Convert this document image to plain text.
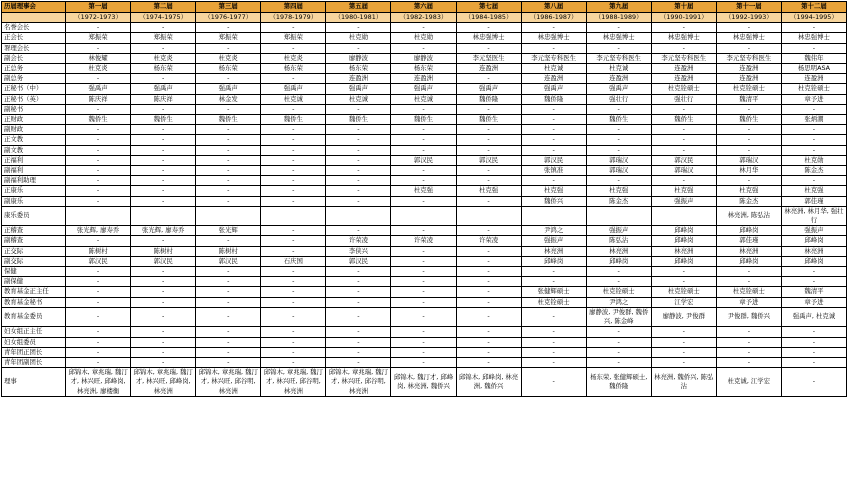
历届理事会	第一届	第二届	第三届	第四届	第五届	第六届	第七届	第八届	第九届	第十届	第十一届	第十二届
	（1972-1973）	（1974-1975）	（1976-1977）	（1978-1979）	（1980-1981）	（1982-1983）	（1984-1985）	（1986-1987）	（1988-1989）	（1990-1991）	（1992-1993）	（1994-1995）
名誉会长	-	-	-	-	-	-	-	-	-	-	-	-
正会长	郑振荣	郑振荣	郑振荣	郑振荣	杜克勋	杜克勋	林忠强博士	林忠强博士	林忠强博士	林忠强博士	林忠强博士	林忠强博士
署理会长	-	-	-	-	-	-	-	-	-	-	-	-
副会长	林俊耀	杜克炎	杜克炎	杜克炎	廖静波	廖静波	李元坚医生	李元坚专科医生	李元坚专科医生	李元坚专科医生	李元坚专科医生	魏伟年
正总务	杜克炎	杨东荣	杨东荣	杨东荣	杨东荣	杨东荣	连盈洲	杜克诚	杜克诚	连盈洲	连盈洲	杨思明ASA
副总务	-	-	-	-	连盈洲	连盈洲	-	连盈洲	连盈洲	连盈洲	连盈洲	连盈洲
正秘书（中）	强禹声	强禹声	强禹声	强禹声	强禹声	强禹声	强禹声	强禹声	强禹声	杜克铨硕士	杜克铨硕士	杜克铨硕士
正秘书（英）	陈庆祥	陈庆祥	林金发	杜克诚	杜克诚	杜克诚	魏侨隆	魏侨隆	强壮行	强壮行	魏清平	章予进
副秘书	-	-	-	-	-	-	-	-	-	-	-	-
正财政	魏侨生	魏侨生	魏侨生	魏侨生	魏侨生	魏侨生	魏侨生	-	魏侨生	魏侨生	魏侨生	张炳潮
副财政	-	-	-	-	-	-	-	-	-	-	-	-
正文教	-	-	-	-	-	-	-	-	-	-	-	-
副文教	-	-	-	-	-	-	-	-	-	-	-	-
正福利	-	-	-	-	-	郭汉民	郭汉民	郭汉民	郭瑞汉	郭汉民	郭瑞汉	杜克勋
副福利	-	-	-	-	-	-	-	张镇准	郭瑞汉	郭瑞汉	林月华	陈金杰
副福利助理	-	-	-	-	-	-	-	-	-	-	-	-
正康乐	-	-	-	-	-	杜克强	杜克强	杜克强	杜克强	杜克强	杜克强	杜克强
副康乐	-	-	-	-	-	-	-	魏侨兴	陈金杰	强振声	陈金杰	郭佳瑾
康乐委员											林亮洲, 陈弘沾	林亮洲, 林月华, 强壮行
正稽查	张光辉, 廖寿乔	张光辉, 廖寿乔	张光辉	-	-	-	-	尹鸿之	强振声	邱峰岗	邱峰岗	强振声
副稽查	-	-	-	-	许荣凌	许荣凌	许荣凌	强振声	陈弘沾	邱峰岗	郭佳瑾	邱峰岗
正交际	陈树村	陈树村	陈树村	-	李侠兴	-	-	林亮洲	林亮洲	林亮洲	林亮洲	林亮洲
副交际	郭汉民	郭汉民	郭汉民	石庆国	郭汉民	-	-	邱峰岗	邱峰岗	邱峰岗	邱峰岗	邱峰岗
保健	-	-	-	-	-	-	-	-	-	-	-	-
副保健	-	-	-	-	-	-	-	-	-	-	-	-
教育基金正主任	-	-	-	-	-	-	-	张健辉硕士	杜克铨硕士	杜克铨硕士	杜克铨硕士	魏清平
教育基金秘书	-	-	-	-	-	-	-	杜克铨硕士	尹鸿之	江学宏	章予进	章予进
教育基金委员	-	-	-	-	-	-	-	-	廖静波, 尹俊群, 魏侨兴, 陈金峰	廖静波, 尹俊群	尹俊群, 魏侨兴	强禹声, 杜克诚
妇女组正主任	-	-	-	-	-	-	-	-	-	-	-	-
妇女组委员	-	-	-	-	-	-	-	-	-	-	-	-
青年团正团长	-	-	-	-	-	-	-	-	-	-	-	-
青年团副团长	-	-	-	-	-	-	-	-	-	-	-	-
理事	邱锦木, 章兆瑞, 魏汀才, 林兴旺, 邱峰岗, 林亮洲, 廖楼衡	邱锦木, 章兆瑞, 魏汀才, 林兴旺, 邱峰岗, 林亮洲	邱锦木, 章兆瑞, 魏汀才, 林兴旺, 邱谷明, 林亮洲	邱锦木, 章兆瑞, 魏汀才, 林兴旺, 邱谷明, 林亮洲	邱锦木, 章兆瑞, 魏汀才, 林兴旺, 邱谷明, 林亮洲	邱锦木, 魏汀才, 邱峰岗, 林亮洲, 魏侨兴	邱锦木, 邱峰岗, 林亮洲, 魏侨兴	-	杨东荣, 张健辉硕士, 魏侨隆	林亮洲, 魏侨兴, 陈弘沾	杜克诚, 江学宏	-
